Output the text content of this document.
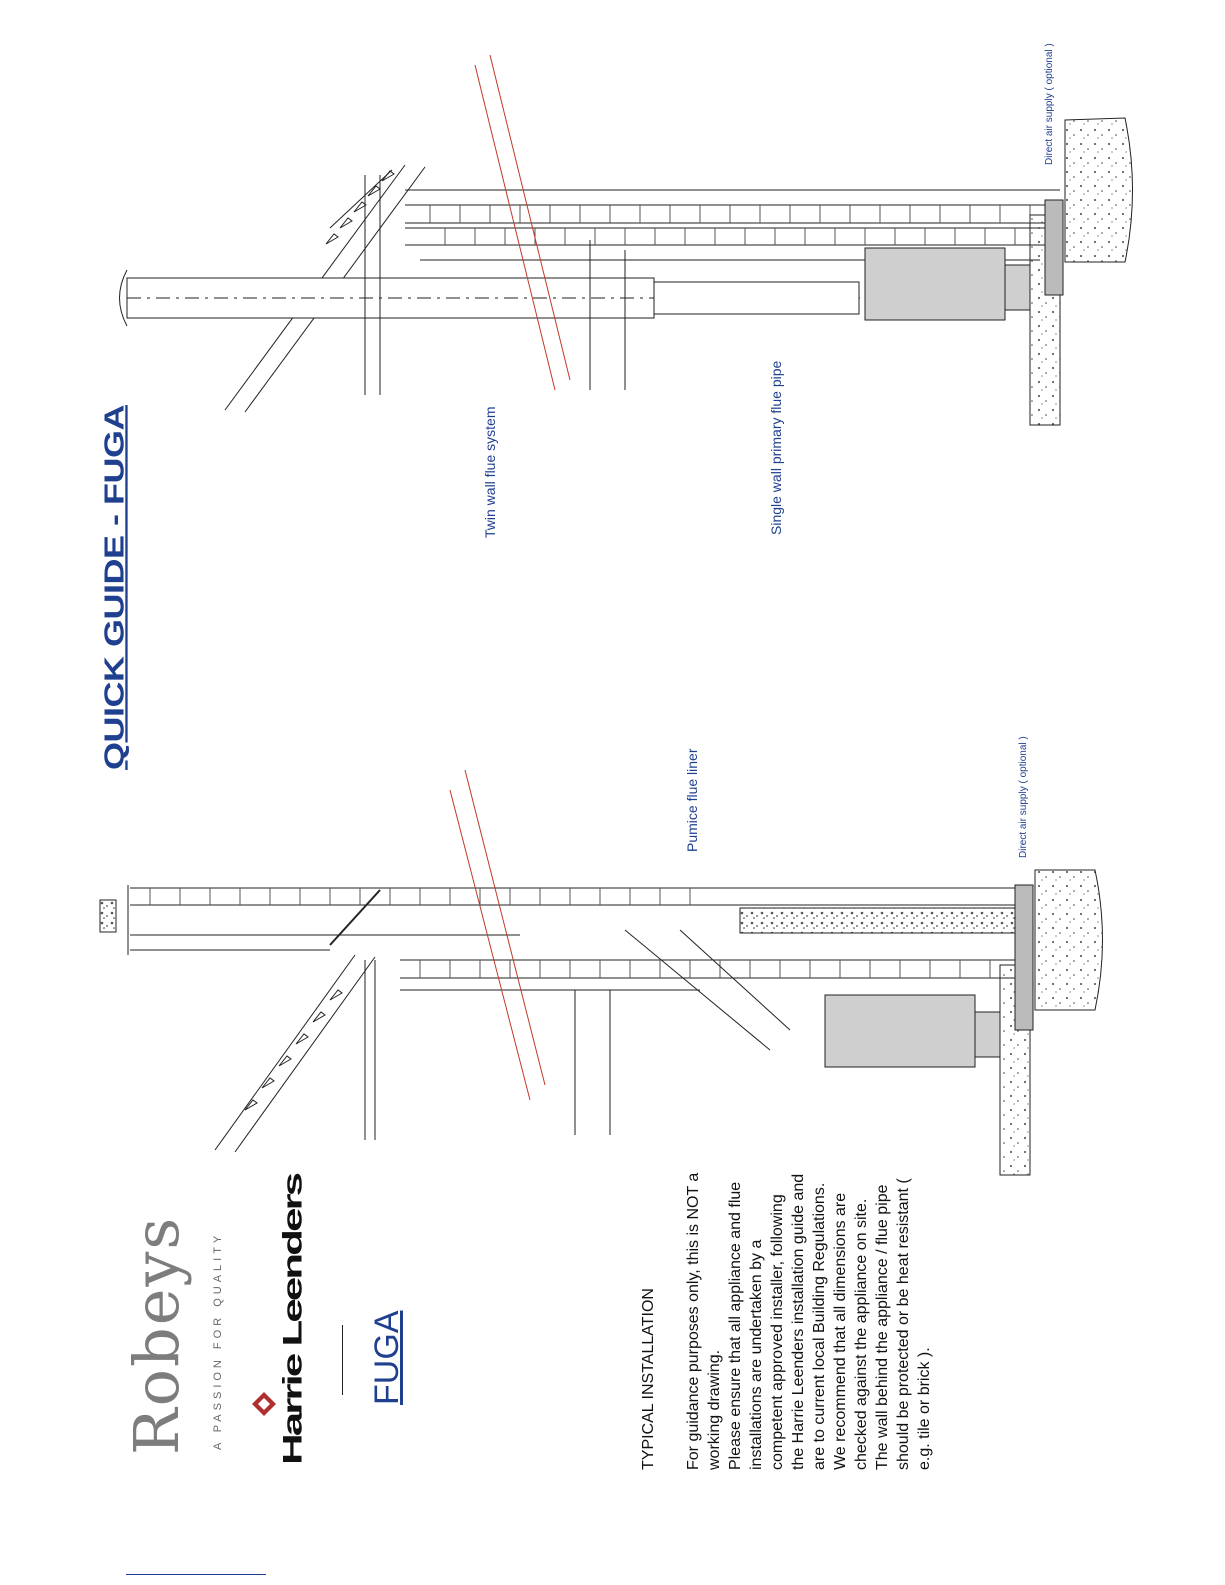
QUICK GUIDE - FUGA	Twin wall flue system	Single wall primary flue pipe
Direct air supply ( optional )
Pumice flue liner	Direct air supply ( optional )
Robeys A PASSION FOR QUALITY Harrie Leenders FUGA	TYPICAL INSTALLATION For guidance purposes only, this is NOT a working drawing. Please ensure that all appliance and flue installations are undertaken by a competent approved installer, following the Harrie Leenders installation guide and are to current local Building Regulations. We recommend that all dimensions are checked against the appliance on site. The wall behind the appliance / flue pipe should be protected or be heat resistant ( e.g. tile or brick ).
